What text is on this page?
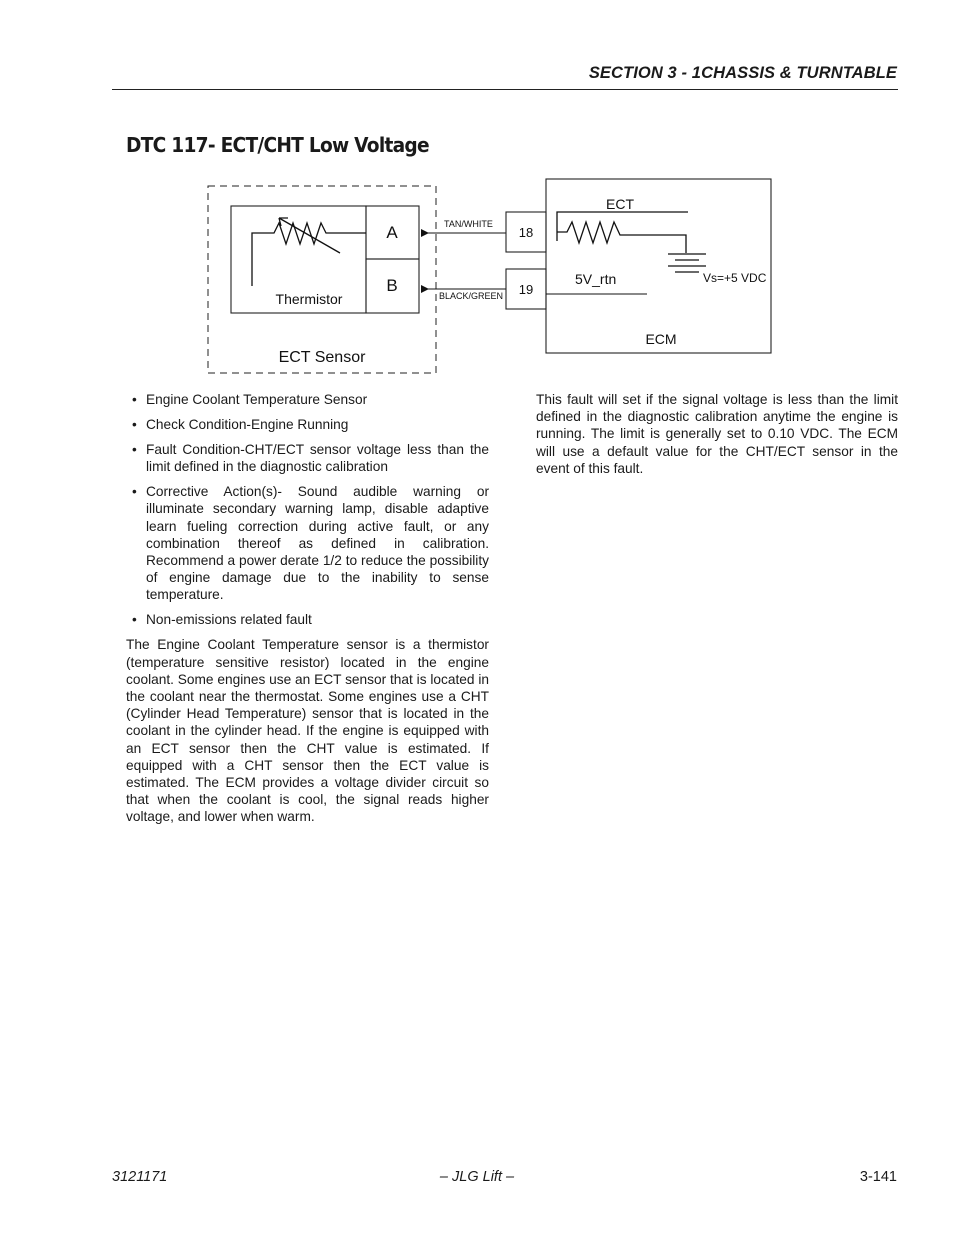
SECTION 3 - 1CHASSIS & TURNTABLE
DTC 117- ECT/CHT Low Voltage
A
B
Thermistor
ECT Sensor
TAN/WHITE
BLACK/GREEN
18
19
ECT
Vs=+5 VDC
5V_rtn
ECM
• Engine Coolant Temperature Sensor
• Check Condition-Engine Running
• Fault Condition-CHT/ECT sensor voltage less than the limit defined in the diagnostic calibration
• Corrective Action(s)- Sound audible warning or illuminate secondary warning lamp, disable adaptive learn fueling correction during active fault, or any combination thereof as defined in calibration. Recommend a power derate 1/2 to reduce the possibility of engine damage due to the inability to sense temperature.
• Non-emissions related fault

The Engine Coolant Temperature sensor is a thermistor (temperature sensitive resistor) located in the engine coolant. Some engines use an ECT sensor that is located in the coolant near the thermostat. Some engines use a CHT (Cylinder Head Temperature) sensor that is located in the coolant in the cylinder head. If the engine is equipped with an ECT sensor then the CHT value is estimated. If equipped with a CHT sensor then the ECT value is estimated. The ECM provides a voltage divider circuit so that when the coolant is cool, the signal reads higher voltage, and lower when warm.

This fault will set if the signal voltage is less than the limit defined in the diagnostic calibration anytime the engine is running. The limit is generally set to 0.10 VDC. The ECM will use a default value for the CHT/ECT sensor in the event of this fault.

3121171	– JLG Lift –	3-141
